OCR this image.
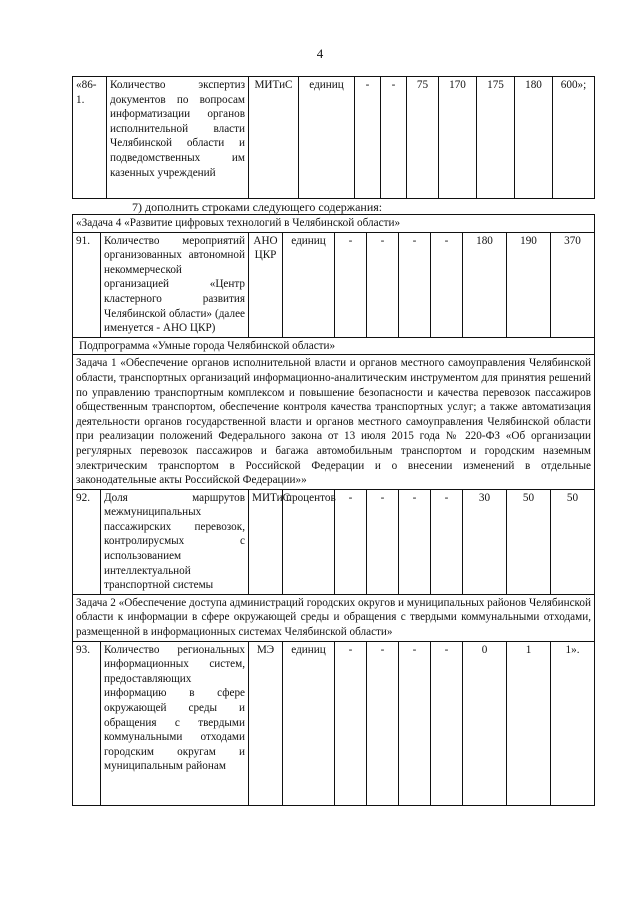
4
«86-1.	Количество экспертиз документов по вопросам информатизации органов исполнительной власти Челябинской области и подведомственных им казенных учреждений	МИТиС	единиц	-	-	75	170	175	180	600»;
7) дополнить строками следующего содержания:
«Задача 4 «Развитие цифровых технологий в Челябинской области»										
91.	Количество мероприятий организованных автономной некоммерческой организацией «Центр кластерного развития Челябинской области» (далее именуется - АНО ЦКР)	АНО ЦКР	единиц	-	-	-	-	180	190	370
Подпрограмма «Умные города Челябинской области»										
Задача 1 «Обеспечение органов исполнительной власти и органов местного самоуправления Челябинской области, транспортных организаций информационно-аналитическим инструментом для принятия решений по управлению транспортным комплексом и повышение безопасности и качества перевозок пассажиров общественным транспортом, обеспечение контроля качества транспортных услуг; а также автоматизация деятельности органов государственной власти и органов местного самоуправления Челябинской области при реализации положений Федерального закона от 13 июля 2015 года № 220-ФЗ «Об организации регулярных перевозок пассажиров и багажа автомобильным транспортом и городским наземным электрическим транспортом в Российской Федерации и о внесении изменений в отдельные законодательные акты Российской Федерации»»										
92.	Доля маршрутов межмуниципальных пассажирских перевозок, контролирусмых с использованием интеллектуальной транспортной системы	МИТиС	процентов	-	-	-	-	30	50	50
Задача 2 «Обеспечение доступа администраций городских округов и муниципальных районов Челябинской области к информации в сфере окружающей среды и обращения с твердыми коммунальными отходами, размещенной в информационных системах Челябинской области»										
93.	Количество региональных информационных систем, предоставляющих информацию в сфере окружающей среды и обращения с твердыми коммунальными отходами городским округам и муниципальным районам	МЭ	единиц	-	-	-	-	0	1	1».
